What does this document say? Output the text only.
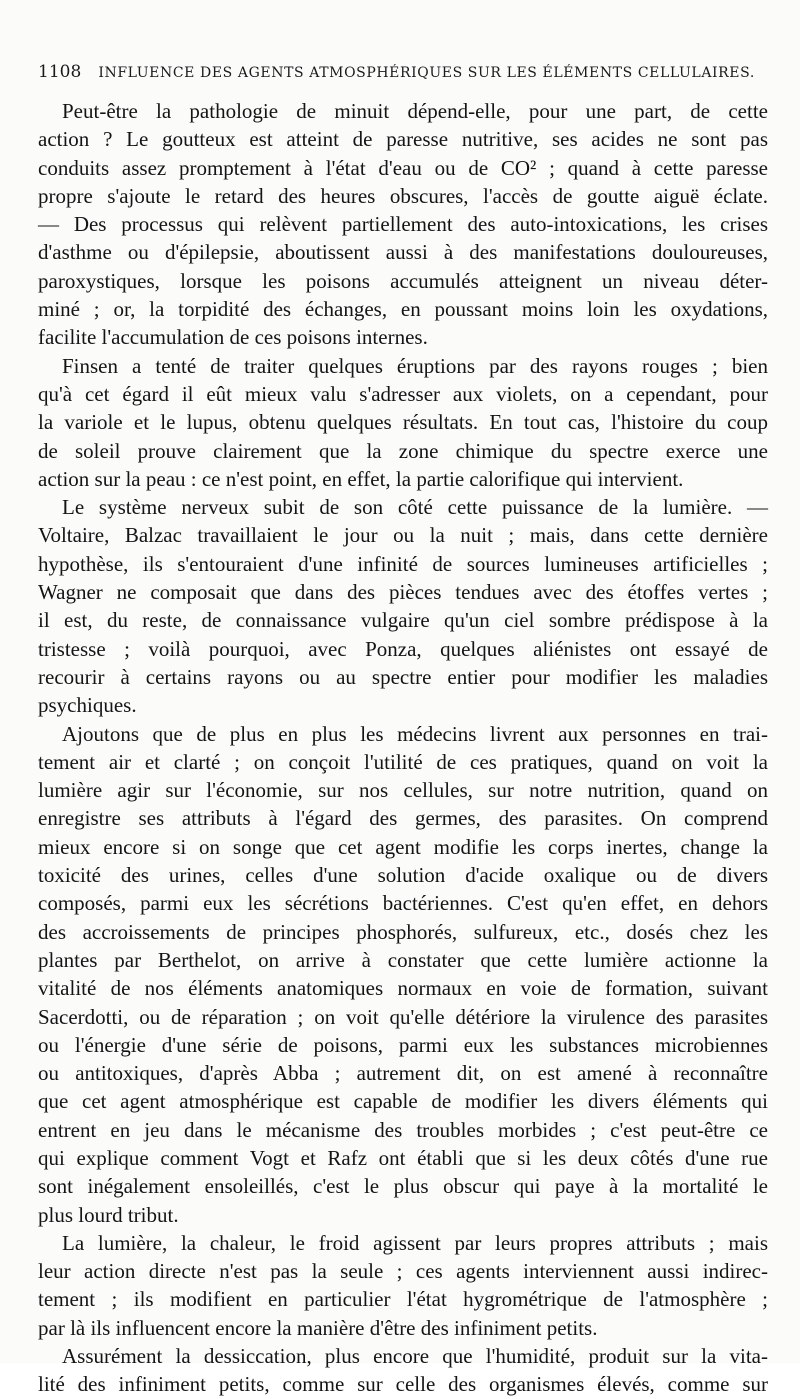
1108 INFLUENCE DES AGENTS ATMOSPHÉRIQUES SUR LES ÉLÉMENTS CELLULAIRES.
Peut-être la pathologie de minuit dépend-elle, pour une part, de cette
action ? Le goutteux est atteint de paresse nutritive, ses acides ne sont pas
conduits assez promptement à l'état d'eau ou de CO² ; quand à cette paresse
propre s'ajoute le retard des heures obscures, l'accès de goutte aiguë éclate.
— Des processus qui relèvent partiellement des auto-intoxications, les crises
d'asthme ou d'épilepsie, aboutissent aussi à des manifestations douloureuses,
paroxystiques, lorsque les poisons accumulés atteignent un niveau déter-
miné ; or, la torpidité des échanges, en poussant moins loin les oxydations,
facilite l'accumulation de ces poisons internes.
Finsen a tenté de traiter quelques éruptions par des rayons rouges ; bien
qu'à cet égard il eût mieux valu s'adresser aux violets, on a cependant, pour
la variole et le lupus, obtenu quelques résultats. En tout cas, l'histoire du coup
de soleil prouve clairement que la zone chimique du spectre exerce une
action sur la peau : ce n'est point, en effet, la partie calorifique qui intervient.
Le système nerveux subit de son côté cette puissance de la lumière. —
Voltaire, Balzac travaillaient le jour ou la nuit ; mais, dans cette dernière
hypothèse, ils s'entouraient d'une infinité de sources lumineuses artificielles ;
Wagner ne composait que dans des pièces tendues avec des étoffes vertes ;
il est, du reste, de connaissance vulgaire qu'un ciel sombre prédispose à la
tristesse ; voilà pourquoi, avec Ponza, quelques aliénistes ont essayé de
recourir à certains rayons ou au spectre entier pour modifier les maladies
psychiques.
Ajoutons que de plus en plus les médecins livrent aux personnes en trai-
tement air et clarté ; on conçoit l'utilité de ces pratiques, quand on voit la
lumière agir sur l'économie, sur nos cellules, sur notre nutrition, quand on
enregistre ses attributs à l'égard des germes, des parasites. On comprend
mieux encore si on songe que cet agent modifie les corps inertes, change la
toxicité des urines, celles d'une solution d'acide oxalique ou de divers
composés, parmi eux les sécrétions bactériennes. C'est qu'en effet, en dehors
des accroissements de principes phosphorés, sulfureux, etc., dosés chez les
plantes par Berthelot, on arrive à constater que cette lumière actionne la
vitalité de nos éléments anatomiques normaux en voie de formation, suivant
Sacerdotti, ou de réparation ; on voit qu'elle détériore la virulence des parasites
ou l'énergie d'une série de poisons, parmi eux les substances microbiennes
ou antitoxiques, d'après Abba ; autrement dit, on est amené à reconnaître
que cet agent atmosphérique est capable de modifier les divers éléments qui
entrent en jeu dans le mécanisme des troubles morbides ; c'est peut-être ce
qui explique comment Vogt et Rafz ont établi que si les deux côtés d'une rue
sont inégalement ensoleillés, c'est le plus obscur qui paye à la mortalité le
plus lourd tribut.
La lumière, la chaleur, le froid agissent par leurs propres attributs ; mais
leur action directe n'est pas la seule ; ces agents interviennent aussi indirec-
tement ; ils modifient en particulier l'état hygrométrique de l'atmosphère ;
par là ils influencent encore la manière d'être des infiniment petits.
Assurément la dessiccation, plus encore que l'humidité, produit sur la vita-
lité des infiniment petits, comme sur celle des organismes élevés, comme sur
